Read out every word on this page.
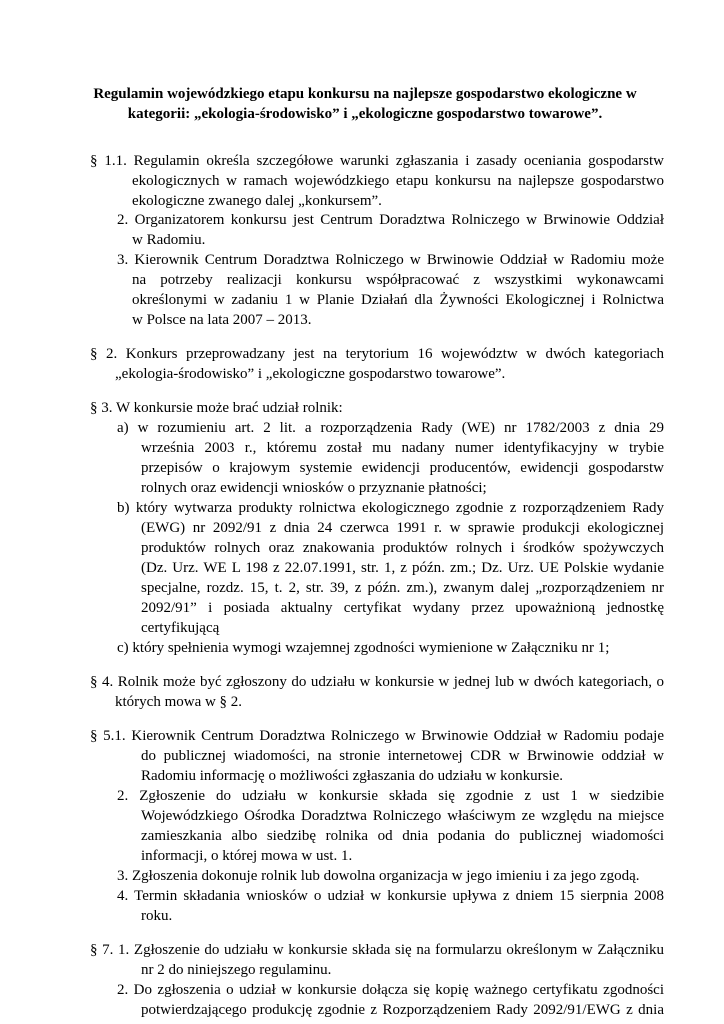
Regulamin wojewódzkiego etapu konkursu na najlepsze gospodarstwo ekologiczne w
kategorii: „ekologia-środowisko” i „ekologiczne gospodarstwo towarowe”.
§ 1.1. Regulamin określa szczegółowe warunki zgłaszania i zasady oceniania gospodarstw
ekologicznych w ramach wojewódzkiego etapu konkursu na najlepsze gospodarstwo
ekologiczne zwanego dalej „konkursem”.
2. Organizatorem konkursu jest Centrum Doradztwa Rolniczego w Brwinowie Oddział
w Radomiu.
3. Kierownik Centrum Doradztwa Rolniczego w Brwinowie Oddział w Radomiu może
na potrzeby realizacji konkursu współpracować z wszystkimi wykonawcami
określonymi w zadaniu 1 w Planie Działań dla Żywności Ekologicznej i Rolnictwa
w Polsce na lata 2007 – 2013.
§ 2. Konkurs przeprowadzany jest na terytorium 16 województw w dwóch kategoriach
„ekologia-środowisko” i „ekologiczne gospodarstwo towarowe”.
§ 3. W konkursie może brać udział rolnik:
a) w rozumieniu art. 2 lit. a rozporządzenia Rady (WE) nr 1782/2003 z dnia 29
września 2003 r., któremu został mu nadany numer identyfikacyjny w trybie
przepisów o krajowym systemie ewidencji producentów, ewidencji gospodarstw
rolnych oraz ewidencji wniosków o przyznanie płatności;
b) który wytwarza produkty rolnictwa ekologicznego zgodnie z rozporządzeniem Rady
(EWG) nr 2092/91 z dnia 24 czerwca 1991 r. w sprawie produkcji ekologicznej
produktów rolnych oraz znakowania produktów rolnych i środków spożywczych
(Dz. Urz. WE L 198 z 22.07.1991, str. 1, z późn. zm.; Dz. Urz. UE Polskie wydanie
specjalne, rozdz. 15, t. 2, str. 39, z późn. zm.), zwanym dalej „rozporządzeniem nr
2092/91” i posiada aktualny certyfikat wydany przez upoważnioną jednostkę
certyfikującą
c) który spełnienia wymogi wzajemnej zgodności wymienione w Załączniku nr 1;
§ 4. Rolnik może być zgłoszony do udziału w konkursie w jednej lub w dwóch kategoriach, o
których mowa w § 2.
§ 5.1. Kierownik Centrum Doradztwa Rolniczego w Brwinowie Oddział w Radomiu podaje
do publicznej wiadomości, na stronie internetowej CDR w Brwinowie oddział w
Radomiu informację o możliwości zgłaszania do udziału w konkursie.
2. Zgłoszenie do udziału w konkursie składa się zgodnie z ust 1 w siedzibie
Wojewódzkiego Ośrodka Doradztwa Rolniczego właściwym ze względu na miejsce
zamieszkania albo siedzibę rolnika od dnia podania do publicznej wiadomości
informacji, o której mowa w ust. 1.
3. Zgłoszenia dokonuje rolnik lub dowolna organizacja w jego imieniu i za jego zgodą.
4. Termin składania wniosków o udział w konkursie upływa z dniem 15 sierpnia 2008
roku.
§ 7. 1. Zgłoszenie do udziału w konkursie składa się na formularzu określonym w Załączniku
nr 2 do niniejszego regulaminu.
2. Do zgłoszenia o udział w konkursie dołącza się kopię ważnego certyfikatu zgodności
potwierdzającego produkcję zgodnie z Rozporządzeniem Rady 2092/91/EWG z dnia
